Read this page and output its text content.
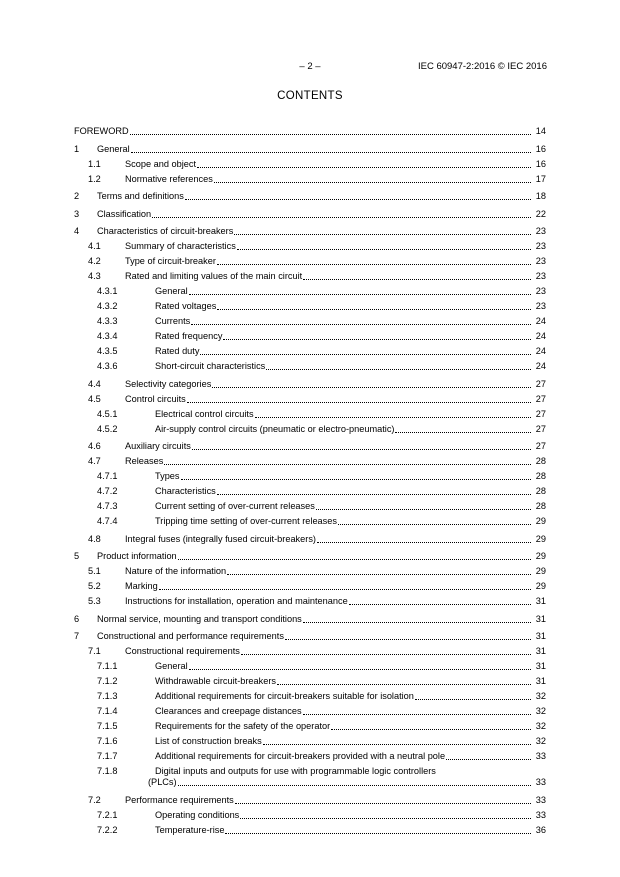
– 2 –	IEC 60947-2:2016 © IEC 2016
CONTENTS
FOREWORD	14
1 General	16
1.1	Scope and object	16
1.2	Normative references	17
2 Terms and definitions	18
3 Classification	22
4 Characteristics of circuit-breakers	23
4.1	Summary of characteristics	23
4.2	Type of circuit-breaker	23
4.3	Rated and limiting values of the main circuit	23
4.3.1	General	23
4.3.2	Rated voltages	23
4.3.3	Currents	24
4.3.4	Rated frequency	24
4.3.5	Rated duty	24
4.3.6	Short-circuit characteristics	24
4.4	Selectivity categories	27
4.5	Control circuits	27
4.5.1	Electrical control circuits	27
4.5.2	Air-supply control circuits (pneumatic or electro-pneumatic)	27
4.6	Auxiliary circuits	27
4.7	Releases	28
4.7.1	Types	28
4.7.2	Characteristics	28
4.7.3	Current setting of over-current releases	28
4.7.4	Tripping time setting of over-current releases	29
4.8	Integral fuses (integrally fused circuit-breakers)	29
5 Product information	29
5.1	Nature of the information	29
5.2	Marking	29
5.3	Instructions for installation, operation and maintenance	31
6 Normal service, mounting and transport conditions	31
7 Constructional and performance requirements	31
7.1	Constructional requirements	31
7.1.1	General	31
7.1.2	Withdrawable circuit-breakers	31
7.1.3	Additional requirements for circuit-breakers suitable for isolation	32
7.1.4	Clearances and creepage distances	32
7.1.5	Requirements for the safety of the operator	32
7.1.6	List of construction breaks	32
7.1.7	Additional requirements for circuit-breakers provided with a neutral pole	33
7.1.8	Digital inputs and outputs for use with programmable logic controllers
(PLCs)	33
7.2	Performance requirements	33
7.2.1	Operating conditions	33
7.2.2	Temperature-rise	36
